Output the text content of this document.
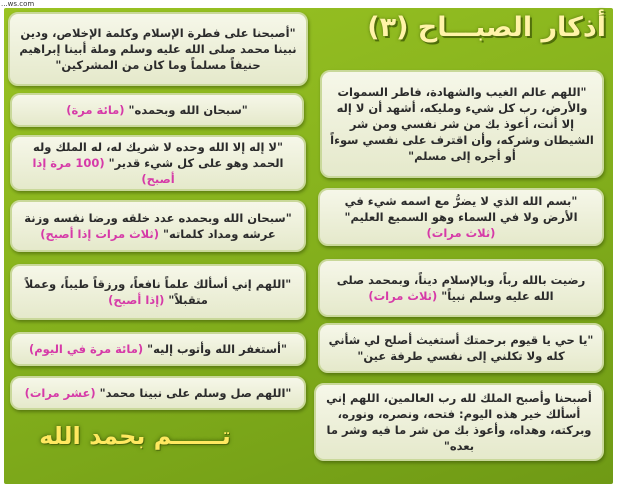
...ws.com
أذكار الصبـــاح (٣)
"اللهم عالم الغيب والشهادة، فاطر السموات والأرض، رب كل شيء ومليكه، أشهد أن لا إله إلا أنت، أعوذ بك من شر نفسي ومن شر الشيطان وشركه، وأن اقترف على نفسي سوءاً أو أجره إلى مسلم"
"بسم الله الذي لا يضرُّ مع اسمه شيء في الأرض ولا في السماء وهو السميع العليم" (ثلاث مرات)
رضيت بالله رباً، وبالإسلام ديناً، وبمحمد صلى الله عليه وسلم نبياً" (ثلاث مرات)
"يا حي يا قيوم برحمتك أستغيث أصلح لي شأني كله ولا تكلني إلى نفسي طرفة عين"
أصبحنا وأصبح الملك لله رب العالمين، اللهم إني أسألك خير هذه اليوم: فتحه، ونصره، ونوره، وبركته، وهداه، وأعوذ بك من شر ما فيه وشر ما بعده"
"أصبحنا على فطرة الإسلام وكلمة الإخلاص، ودين نبينا محمد صلى الله عليه وسلم وملة أبينا إبراهيم حنيفاً مسلماً وما كان من المشركين"
"سبحان الله وبحمده" (مائة مرة)
"لا إله إلا الله وحده لا شريك له، له الملك وله الحمد وهو على كل شيء قدير" (100 مرة إذا أصبح)
"سبحان الله وبحمده عدد خلقه ورضا نفسه وزنة عرشه ومداد كلماته" (ثلاث مرات إذا أصبح)
"اللهم إني أسألك علماً نافعاً، ورزقاً طيباً، وعملاً متقبلاً" (إذا أصبح)
"أستغفر الله وأتوب إليه" (مائة مرة في اليوم)
"اللهم صل وسلم على نبينا محمد" (عشر مرات)
تــــــم بحمد الله
